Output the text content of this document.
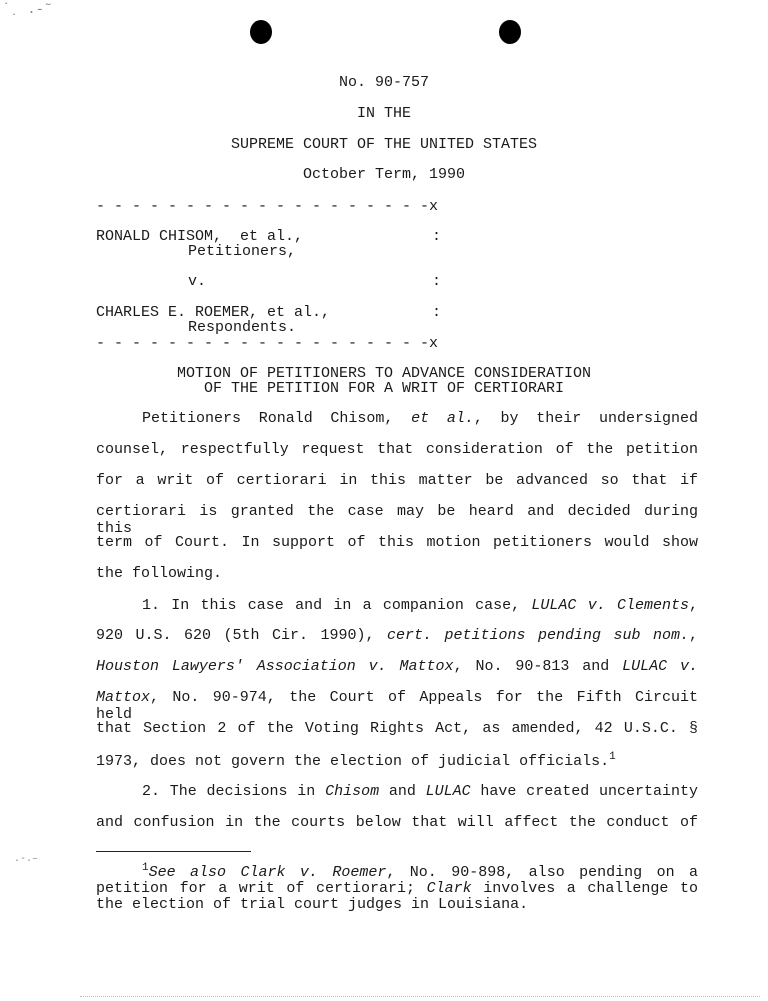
˙ ̣ .-˜
.-.–
No. 90-757
IN THE
SUPREME COURT OF THE UNITED STATES
October Term, 1990
- - - - - - - - - - - - - - - - - - -x
RONALD CHISOM,  et al.,	:
Petitioners,
v.	:
CHARLES E. ROEMER, et al.,	:
Respondents.
- - - - - - - - - - - - - - - - - - -x
MOTION OF PETITIONERS TO ADVANCE CONSIDERATION
OF THE PETITION FOR A WRIT OF CERTIORARI
Petitioners Ronald Chisom, et al., by their undersigned
counsel, respectfully request that consideration of the petition
for a writ of certiorari in this matter be advanced so that if
certiorari is granted the case may be heard and decided during this
term of Court. In support of this motion petitioners would show
the following.
1. In this case and in a companion case, LULAC v. Clements,
920 U.S. 620 (5th Cir. 1990), cert. petitions pending sub nom.,
Houston Lawyers' Association v. Mattox, No. 90-813 and LULAC v.
Mattox, No. 90-974, the Court of Appeals for the Fifth Circuit held
that Section 2 of the Voting Rights Act, as amended, 42 U.S.C. §
1973, does not govern the election of judicial officials.$^1$
2. The decisions in Chisom and LULAC have created uncertainty
and confusion in the courts below that will affect the conduct of
$^1$See also Clark v. Roemer, No. 90-898, also pending on a
petition for a writ of certiorari; Clark involves a challenge to
the election of trial court judges in Louisiana.
